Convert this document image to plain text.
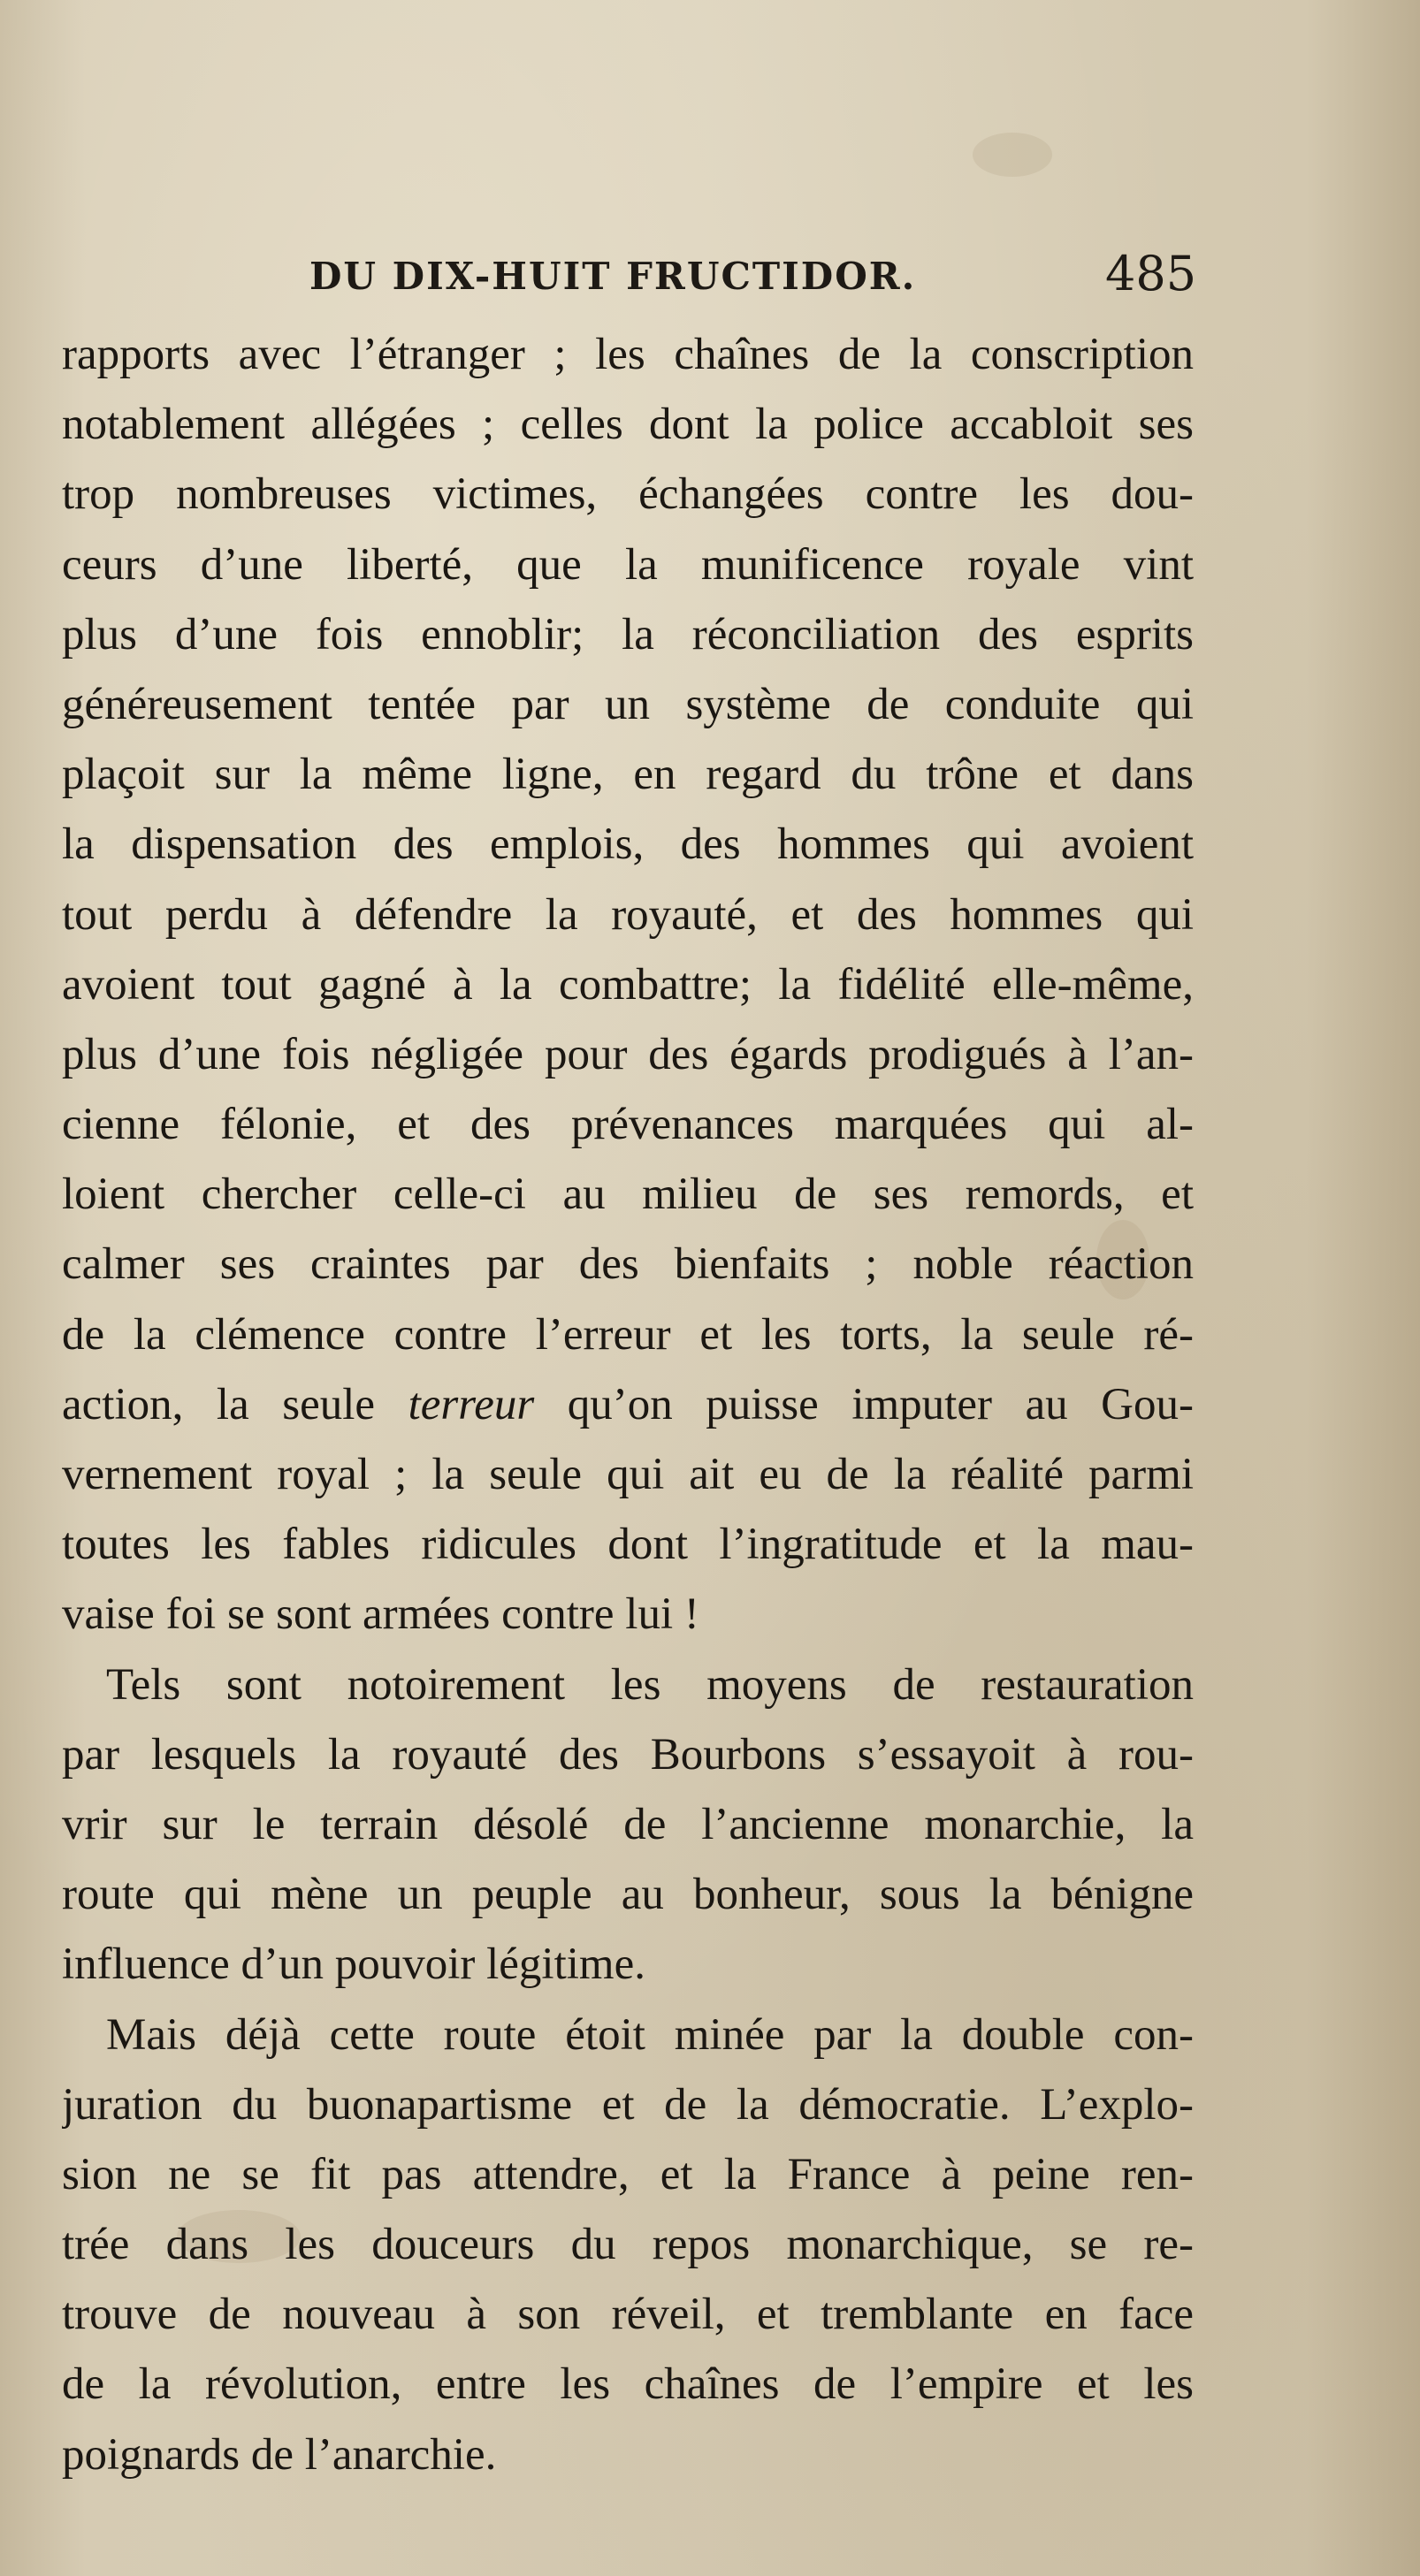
DU DIX-HUIT FRUCTIDOR.	485
rapports avec l’étranger ; les chaînes de la conscription
notablement allégées ; celles dont la police accabloit ses
trop nombreuses victimes, échangées contre les dou-
ceurs d’une liberté, que la munificence royale vint
plus d’une fois ennoblir; la réconciliation des esprits
généreusement tentée par un système de conduite qui
plaçoit sur la même ligne, en regard du trône et dans
la dispensation des emplois, des hommes qui avoient
tout perdu à défendre la royauté, et des hommes qui
avoient tout gagné à la combattre; la fidélité elle-même,
plus d’une fois négligée pour des égards prodigués à l’an-
cienne félonie, et des prévenances marquées qui al-
loient chercher celle-ci au milieu de ses remords, et
calmer ses craintes par des bienfaits ; noble réaction
de la clémence contre l’erreur et les torts, la seule ré-
action, la seule terreur qu’on puisse imputer au Gou-
vernement royal ; la seule qui ait eu de la réalité parmi
toutes les fables ridicules dont l’ingratitude et la mau-
vaise foi se sont armées contre lui !
Tels sont notoirement les moyens de restauration
par lesquels la royauté des Bourbons s’essayoit à rou-
vrir sur le terrain désolé de l’ancienne monarchie, la
route qui mène un peuple au bonheur, sous la bénigne
influence d’un pouvoir légitime.
Mais déjà cette route étoit minée par la double con-
juration du buonapartisme et de la démocratie. L’explo-
sion ne se fit pas attendre, et la France à peine ren-
trée dans les douceurs du repos monarchique, se re-
trouve de nouveau à son réveil, et tremblante en face
de la révolution, entre les chaînes de l’empire et les
poignards de l’anarchie.
